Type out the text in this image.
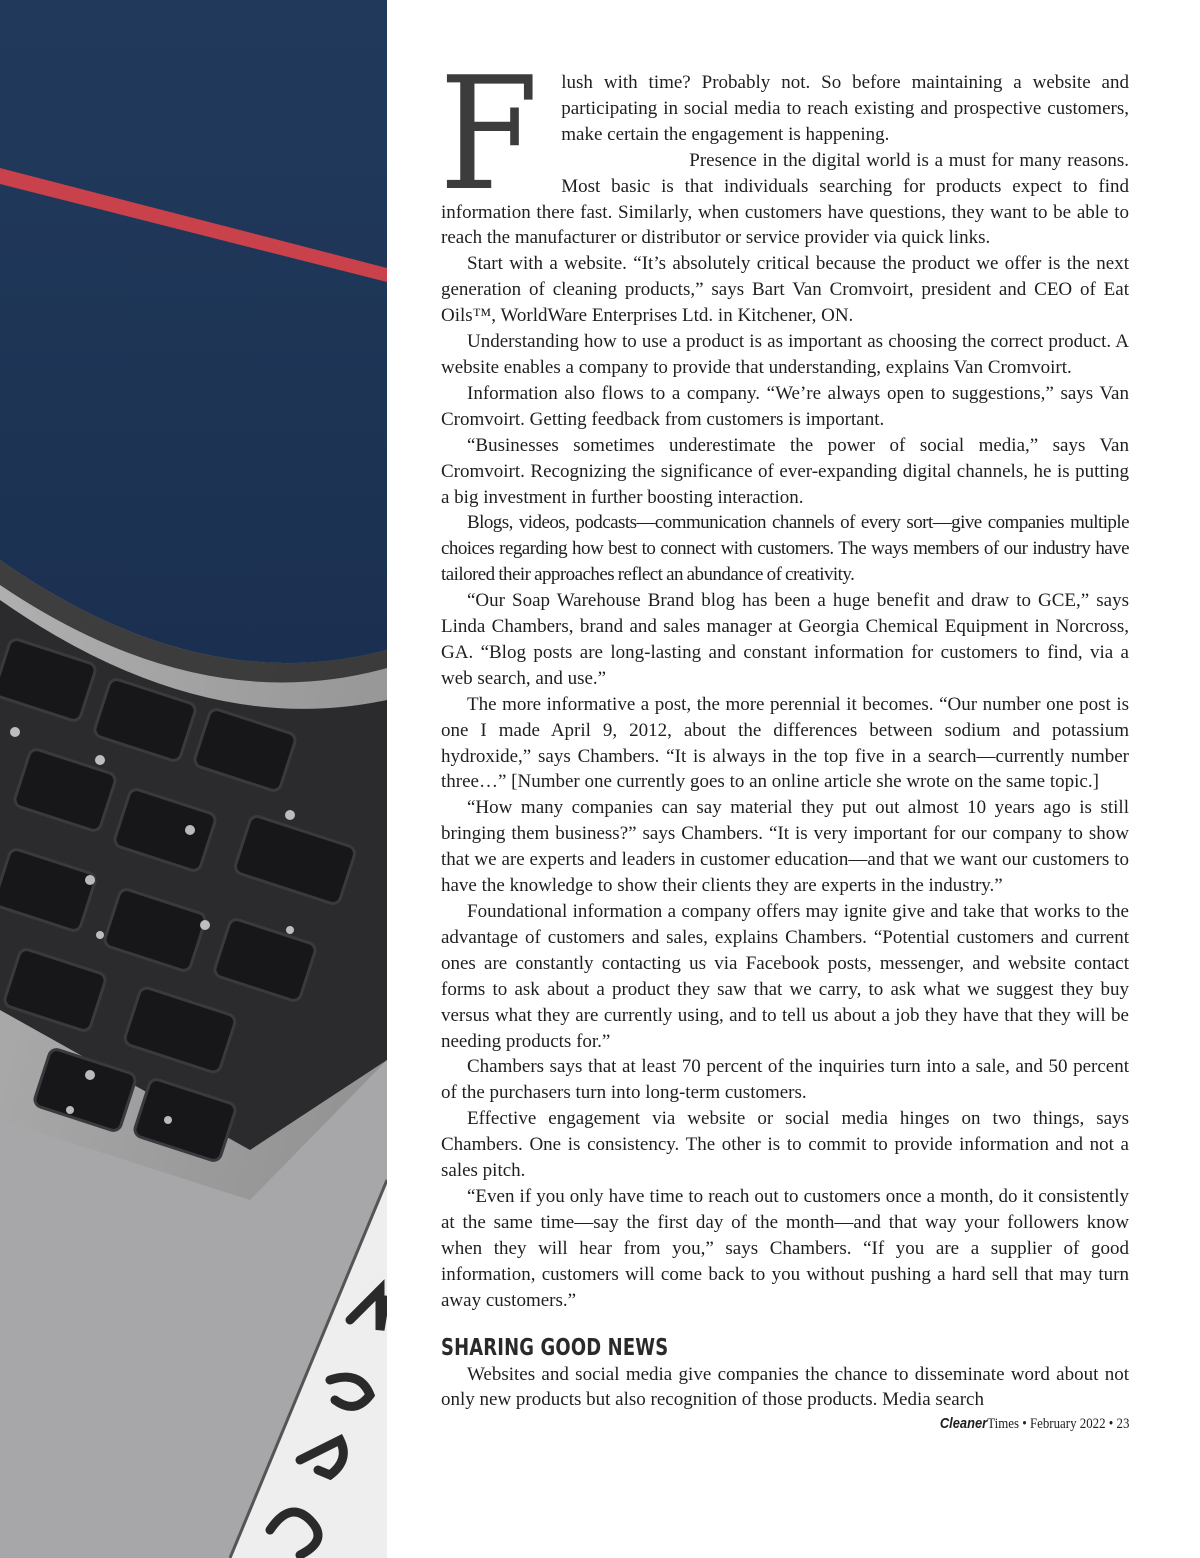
F lush with time? Probably not. So before maintaining a website and participating in social media to reach existing and prospective customers, make certain the engagement is happening.

Presence in the digital world is a must for many reasons. Most basic is that individuals searching for products expect to find information there fast. Similarly, when customers have questions, they want to be able to reach the manufacturer or distributor or service provider via quick links.

Start with a website. “It’s absolutely critical because the product we offer is the next generation of cleaning products,” says Bart Van Cromvoirt, president and CEO of Eat Oils™, WorldWare Enterprises Ltd. in Kitchener, ON.

Understanding how to use a product is as important as choosing the correct product. A website enables a company to provide that understanding, explains Van Cromvoirt.

Information also flows to a company. “We’re always open to suggestions,” says Van Cromvoirt. Getting feedback from customers is important.

“Businesses sometimes underestimate the power of social media,” says Van Cromvoirt. Recognizing the significance of ever-expanding digital channels, he is putting a big investment in further boosting interaction.

Blogs, videos, podcasts—communication channels of every sort—give companies multiple choices regarding how best to connect with customers. The ways members of our industry have tailored their approaches reflect an abundance of creativity.

“Our Soap Warehouse Brand blog has been a huge benefit and draw to GCE,” says Linda Chambers, brand and sales manager at Georgia Chemical Equipment in Norcross, GA. “Blog posts are long-lasting and constant information for customers to find, via a web search, and use.”

The more informative a post, the more perennial it becomes. “Our number one post is one I made April 9, 2012, about the differences between sodium and potassium hydroxide,” says Chambers. “It is always in the top five in a search—currently number three…” [Number one currently goes to an online article she wrote on the same topic.]

“How many companies can say material they put out almost 10 years ago is still bringing them business?” says Chambers. “It is very important for our company to show that we are experts and leaders in customer education—and that we want our customers to have the knowledge to show their clients they are experts in the industry.”

Foundational information a company offers may ignite give and take that works to the advantage of customers and sales, explains Chambers. “Potential customers and current ones are constantly contacting us via Facebook posts, messenger, and website contact forms to ask about a product they saw that we carry, to ask what we suggest they buy versus what they are currently using, and to tell us about a job they have that they will be needing products for.”

Chambers says that at least 70 percent of the inquiries turn into a sale, and 50 percent of the purchasers turn into long-term customers.

Effective engagement via website or social media hinges on two things, says Chambers. One is consistency. The other is to commit to provide information and not a sales pitch.

“Even if you only have time to reach out to customers once a month, do it consistently at the same time—say the first day of the month—and that way your followers know when they will hear from you,” says Chambers. “If you are a supplier of good information, customers will come back to you without pushing a hard sell that may turn away customers.”

SHARING GOOD NEWS

Websites and social media give companies the chance to disseminate word about not only new products but also recognition of those products. Media search

CleanerTimes • February 2022 • 23
